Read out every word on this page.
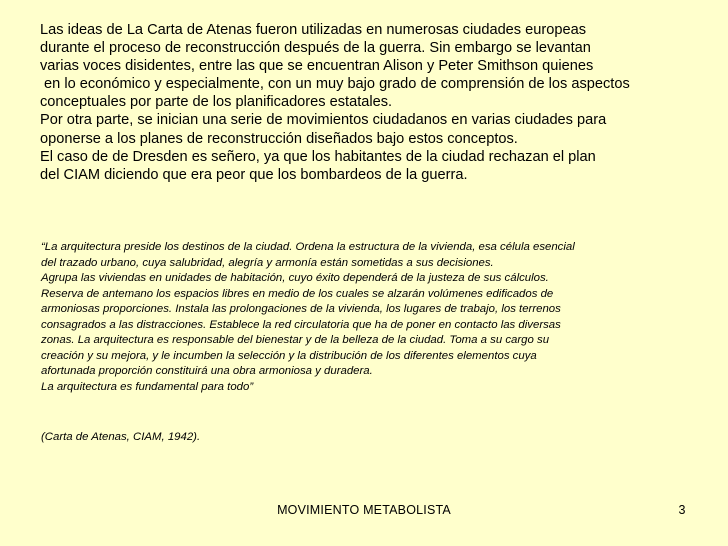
Las ideas de La Carta de Atenas fueron utilizadas en numerosas ciudades europeas
durante el proceso de reconstrucción después de la guerra. Sin embargo se levantan
varias voces disidentes, entre las que se encuentran Alison y Peter Smithson quienes
en lo económico y especialmente, con un muy bajo grado de comprensión de los aspectos
conceptuales por parte de los planificadores estatales.
Por otra parte, se inician una serie de movimientos ciudadanos en varias ciudades para
oponerse a los planes de reconstrucción diseñados bajo estos conceptos.
El caso de de Dresden es señero, ya que los habitantes de la ciudad rechazan el plan
del CIAM diciendo que era peor que los bombardeos de la guerra.
“La arquitectura preside los destinos de la ciudad. Ordena la estructura de la vivienda, esa célula esencial
del trazado urbano, cuya salubridad, alegría y armonía están sometidas a sus decisiones.
Agrupa las viviendas en unidades de habitación, cuyo éxito dependerá de la justeza de sus cálculos.
Reserva de antemano los espacios libres en medio de los cuales se alzarán volúmenes edificados de
armoniosas proporciones. Instala las prolongaciones de la vivienda, los lugares de trabajo, los terrenos
consagrados a las distracciones. Establece la red circulatoria que ha de poner en contacto las diversas
zonas. La arquitectura es responsable del bienestar y de la belleza de la ciudad. Toma a su cargo su
creación y su mejora, y le incumben la selección y la distribución de los diferentes elementos cuya
afortunada proporción constituirá una obra armoniosa y duradera.
La arquitectura es fundamental para todo”
(Carta de Atenas, CIAM, 1942).
MOVIMIENTO METABOLISTA	3
